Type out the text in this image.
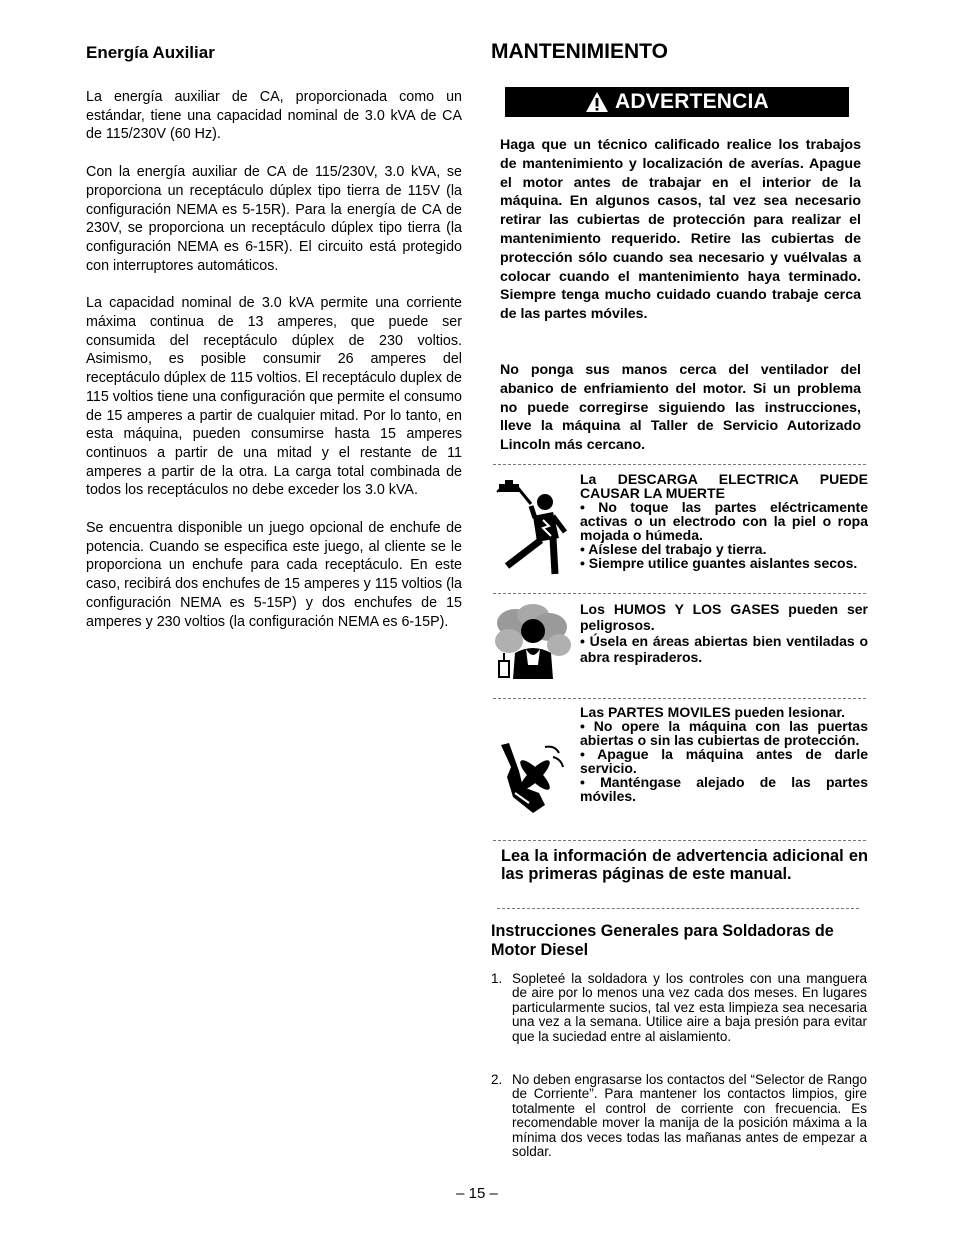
Energía Auxiliar

La energía auxiliar de CA, proporcionada como un estándar, tiene una capacidad nominal de 3.0 kVA de CA de 115/230V (60 Hz).

Con la energía auxiliar de CA de 115/230V, 3.0 kVA, se proporciona un receptáculo dúplex tipo tierra de 115V (la configuración NEMA es 5-15R). Para la energía de CA de 230V, se proporciona un receptáculo dúplex tipo tierra (la configuración NEMA es 6-15R). El circuito está protegido con interruptores automáticos.

La capacidad nominal de 3.0 kVA permite una corriente máxima continua de 13 amperes, que puede ser consumida del receptáculo dúplex de 230 voltios. Asimismo, es posible consumir 26 amperes del receptáculo dúplex de 115 voltios. El receptáculo duplex de 115 voltios tiene una configuración que permite el consumo de 15 amperes a partir de cualquier mitad. Por lo tanto, en esta máquina, pueden consumirse hasta 15 amperes continuos a partir de una mitad y el restante de 11 amperes a partir de la otra. La carga total combinada de todos los receptáculos no debe exceder los 3.0 kVA.

Se encuentra disponible un juego opcional de enchufe de potencia. Cuando se especifica este juego, al cliente se le proporciona un enchufe para cada receptáculo. En este caso, recibirá dos enchufes de 15 amperes y 115 voltios (la configuración NEMA es 5-15P) y dos enchufes de 15 amperes y 230 voltios (la configuración NEMA es 6-15P).

MANTENIMIENTO
ADVERTENCIA
Haga que un técnico calificado realice los trabajos de mantenimiento y localización de averías. Apague el motor antes de trabajar en el interior de la máquina. En algunos casos, tal vez sea necesario retirar las cubiertas de protección para realizar el mantenimiento requerido. Retire las cubiertas de protección sólo cuando sea necesario y vuélvalas a colocar cuando el mantenimiento haya terminado. Siempre tenga mucho cuidado cuando trabaje cerca de las partes móviles.
No ponga sus manos cerca del ventilador del abanico de enfriamiento del motor. Si un problema no puede corregirse siguiendo las instrucciones, lleve la máquina al Taller de Servicio Autorizado Lincoln más cercano.
La DESCARGA ELECTRICA PUEDE CAUSAR LA MUERTE
• No toque las partes eléctricamente activas o un electrodo con la piel o ropa mojada o húmeda.
• Aíslese del trabajo y tierra.
• Siempre utilice guantes aislantes secos.
Los HUMOS Y LOS GASES pueden ser peligrosos.
• Úsela en áreas abiertas bien ventiladas o abra respiraderos.
Las PARTES MOVILES pueden lesionar.
• No opere la máquina con las puertas abiertas o sin las cubiertas de protección.
• Apague la máquina antes de darle servicio.
• Manténgase alejado de las partes móviles.
Lea la información de advertencia adicional en las primeras páginas de este manual.
Instrucciones Generales para Soldadoras de Motor Diesel
1. Sopleteé la soldadora y los controles con una manguera de aire por lo menos una vez cada dos meses. En lugares particularmente sucios, tal vez esta limpieza sea necesaria una vez a la semana. Utilice aire a baja presión para evitar que la suciedad entre al aislamiento.
2. No deben engrasarse los contactos del “Selector de Rango de Corriente”. Para mantener los contactos limpios, gire totalmente el control de corriente con frecuencia. Es recomendable mover la manija de la posición máxima a la mínima dos veces todas las mañanas antes de empezar a soldar.
– 15 –
